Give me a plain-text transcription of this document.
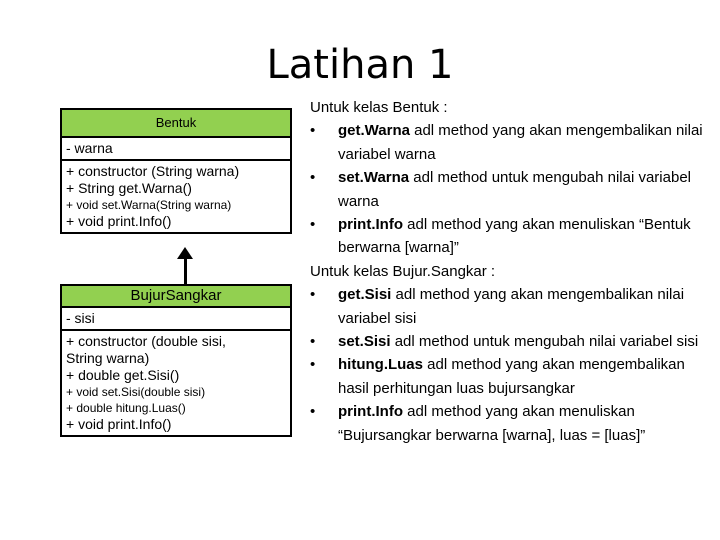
Latihan 1
Bentuk
- warna
+ constructor (String warna)
+ String get.Warna()
+ void set.Warna(String warna)
+ void print.Info()
BujurSangkar
- sisi
+ constructor (double sisi,
String warna)
+ double get.Sisi()
+ void set.Sisi(double sisi)
+ double hitung.Luas()
+ void print.Info()
Untuk kelas Bentuk :
• get.Warna adl method yang akan mengembalikan nilai variabel warna
• set.Warna adl method untuk mengubah nilai variabel warna
• print.Info adl method yang akan menuliskan “Bentuk berwarna [warna]”
Untuk kelas Bujur.Sangkar :
• get.Sisi adl method yang akan mengembalikan nilai variabel sisi
• set.Sisi adl method untuk mengubah nilai variabel sisi
• hitung.Luas adl method yang akan mengembalikan hasil perhitungan luas bujursangkar
• print.Info adl method yang akan menuliskan “Bujursangkar berwarna [warna], luas = [luas]”
